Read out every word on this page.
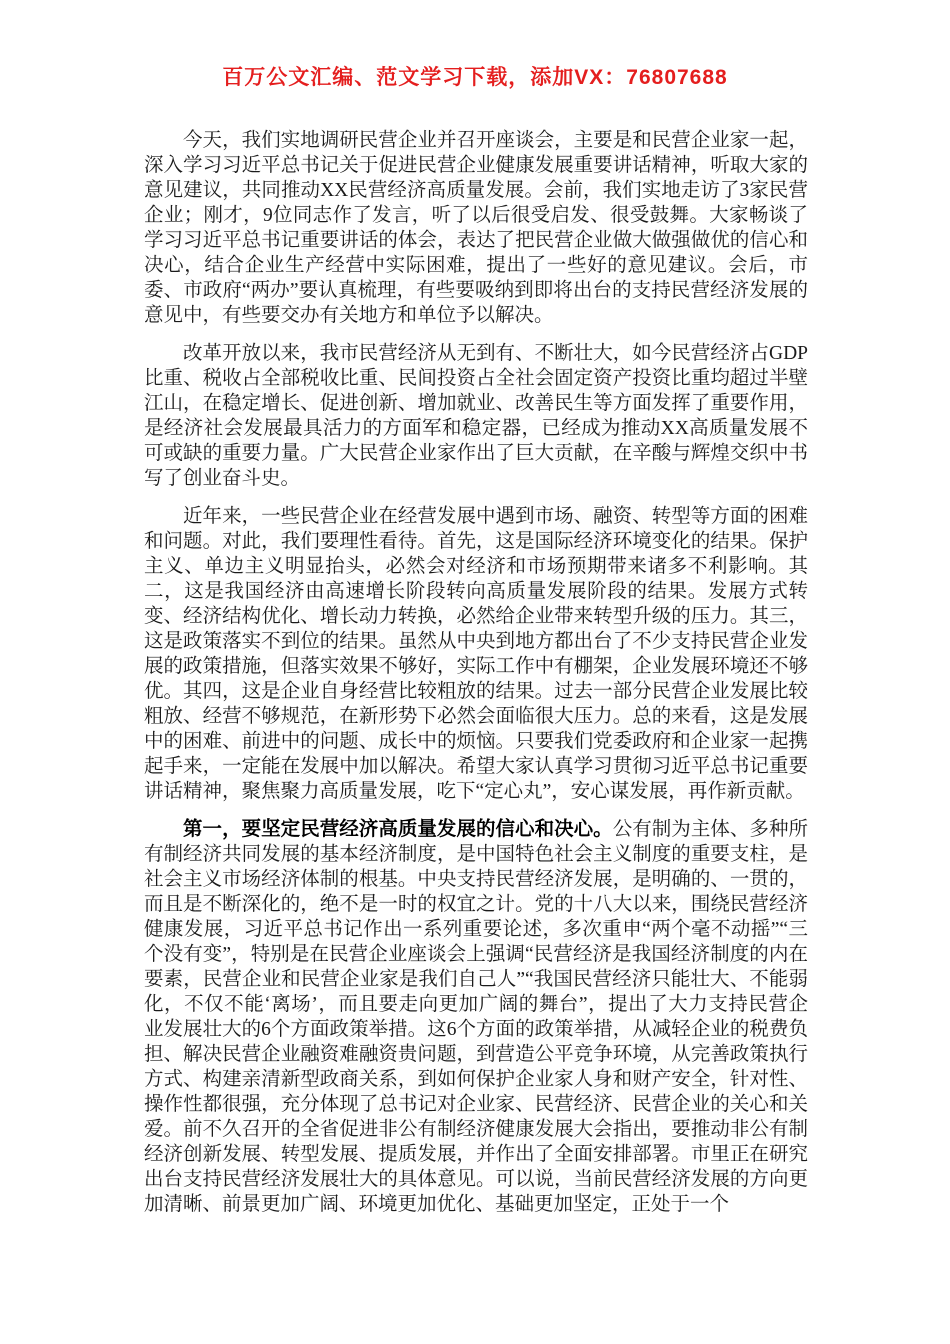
百万公文汇编、范文学习下载，添加VX：76807688

今天，我们实地调研民营企业并召开座谈会，主要是和民营企业家一起，深入学习习近平总书记关于促进民营企业健康发展重要讲话精神，听取大家的意见建议，共同推动XX民营经济高质量发展。会前，我们实地走访了3家民营企业；刚才，9位同志作了发言，听了以后很受启发、很受鼓舞。大家畅谈了学习习近平总书记重要讲话的体会，表达了把民营企业做大做强做优的信心和决心，结合企业生产经营中实际困难，提出了一些好的意见建议。会后，市委、市政府“两办”要认真梳理，有些要吸纳到即将出台的支持民营经济发展的意见中，有些要交办有关地方和单位予以解决。

改革开放以来，我市民营经济从无到有、不断壮大，如今民营经济占GDP比重、税收占全部税收比重、民间投资占全社会固定资产投资比重均超过半壁江山，在稳定增长、促进创新、增加就业、改善民生等方面发挥了重要作用，是经济社会发展最具活力的方面军和稳定器，已经成为推动XX高质量发展不可或缺的重要力量。广大民营企业家作出了巨大贡献，在辛酸与辉煌交织中书写了创业奋斗史。

近年来，一些民营企业在经营发展中遇到市场、融资、转型等方面的困难和问题。对此，我们要理性看待。首先，这是国际经济环境变化的结果。保护主义、单边主义明显抬头，必然会对经济和市场预期带来诸多不利影响。其二，这是我国经济由高速增长阶段转向高质量发展阶段的结果。发展方式转变、经济结构优化、增长动力转换，必然给企业带来转型升级的压力。其三，这是政策落实不到位的结果。虽然从中央到地方都出台了不少支持民营企业发展的政策措施，但落实效果不够好，实际工作中有棚架，企业发展环境还不够优。其四，这是企业自身经营比较粗放的结果。过去一部分民营企业发展比较粗放、经营不够规范，在新形势下必然会面临很大压力。总的来看，这是发展中的困难、前进中的问题、成长中的烦恼。只要我们党委政府和企业家一起携起手来，一定能在发展中加以解决。希望大家认真学习贯彻习近平总书记重要讲话精神，聚焦聚力高质量发展，吃下“定心丸”，安心谋发展，再作新贡献。

第一，要坚定民营经济高质量发展的信心和决心。公有制为主体、多种所有制经济共同发展的基本经济制度，是中国特色社会主义制度的重要支柱，是社会主义市场经济体制的根基。中央支持民营经济发展，是明确的、一贯的，而且是不断深化的，绝不是一时的权宜之计。党的十八大以来，围绕民营经济健康发展，习近平总书记作出一系列重要论述，多次重申“两个毫不动摇”“三个没有变”，特别是在民营企业座谈会上强调“民营经济是我国经济制度的内在要素，民营企业和民营企业家是我们自己人”“我国民营经济只能壮大、不能弱化，不仅不能‘离场’，而且要走向更加广阔的舞台”，提出了大力支持民营企业发展壮大的6个方面政策举措。这6个方面的政策举措，从减轻企业的税费负担、解决民营企业融资难融资贵问题，到营造公平竞争环境，从完善政策执行方式、构建亲清新型政商关系，到如何保护企业家人身和财产安全，针对性、操作性都很强，充分体现了总书记对企业家、民营经济、民营企业的关心和关爱。前不久召开的全省促进非公有制经济健康发展大会指出，要推动非公有制经济创新发展、转型发展、提质发展，并作出了全面安排部署。市里正在研究出台支持民营经济发展壮大的具体意见。可以说，当前民营经济发展的方向更加清晰、前景更加广阔、环境更加优化、基础更加坚定，正处于一个
